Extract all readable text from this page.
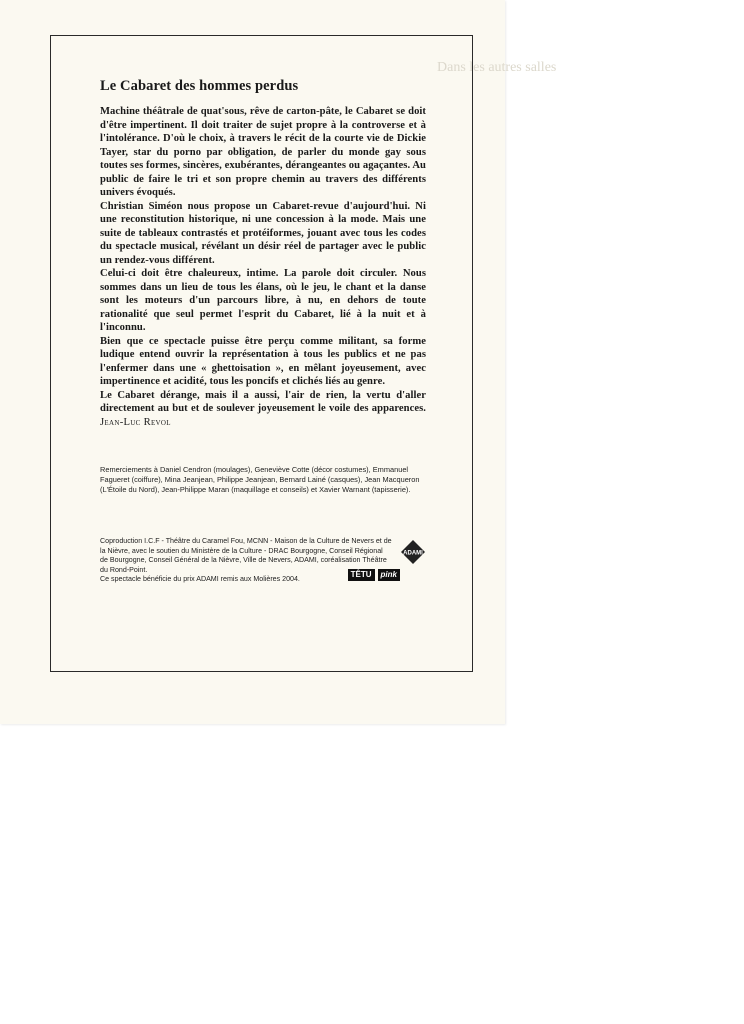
Dans les autres salles
Le Cabaret des hommes perdus

Machine théâtrale de quat'sous, rêve de carton-pâte, le Cabaret se doit d'être impertinent. Il doit traiter de sujet propre à la controverse et à l'intolérance. D'où le choix, à travers le récit de la courte vie de Dickie Tayer, star du porno par obligation, de parler du monde gay sous toutes ses formes, sincères, exubérantes, dérangeantes ou agaçantes. Au public de faire le tri et son propre chemin au travers des différents univers évoqués.

Christian Siméon nous propose un Cabaret-revue d'aujourd'hui. Ni une reconstitution historique, ni une concession à la mode. Mais une suite de tableaux contrastés et protéiformes, jouant avec tous les codes du spectacle musical, révélant un désir réel de partager avec le public un rendez-vous différent.

Celui-ci doit être chaleureux, intime. La parole doit circuler. Nous sommes dans un lieu de tous les élans, où le jeu, le chant et la danse sont les moteurs d'un parcours libre, à nu, en dehors de toute rationalité que seul permet l'esprit du Cabaret, lié à la nuit et à l'inconnu.

Bien que ce spectacle puisse être perçu comme militant, sa forme ludique entend ouvrir la représentation à tous les publics et ne pas l'enfermer dans une « ghettoisation », en mêlant joyeusement, avec impertinence et acidité, tous les poncifs et clichés liés au genre.

Le Cabaret dérange, mais il a aussi, l'air de rien, la vertu d'aller directement au but et de soulever joyeusement le voile des apparences. Jean-Luc Revol

Remerciements à Daniel Cendron (moulages), Geneviève Cotte (décor costumes), Emmanuel Fagueret (coiffure), Mina Jeanjean, Philippe Jeanjean, Bernard Lainé (casques), Jean Macqueron (L'Étoile du Nord), Jean-Philippe Maran (maquillage et conseils) et Xavier Warnant (tapisserie).
Coproduction I.C.F - Théâtre du Caramel Fou, MCNN - Maison de la Culture de Nevers et de la Nièvre, avec le soutien du Ministère de la Culture - DRAC Bourgogne, Conseil Régional de Bourgogne, Conseil Général de la Nièvre, Ville de Nevers, ADAMI, coréalisation Théâtre du Rond-Point.
Ce spectacle bénéficie du prix ADAMI remis aux Molières 2004.
TÊTU	pink
ADAMI
